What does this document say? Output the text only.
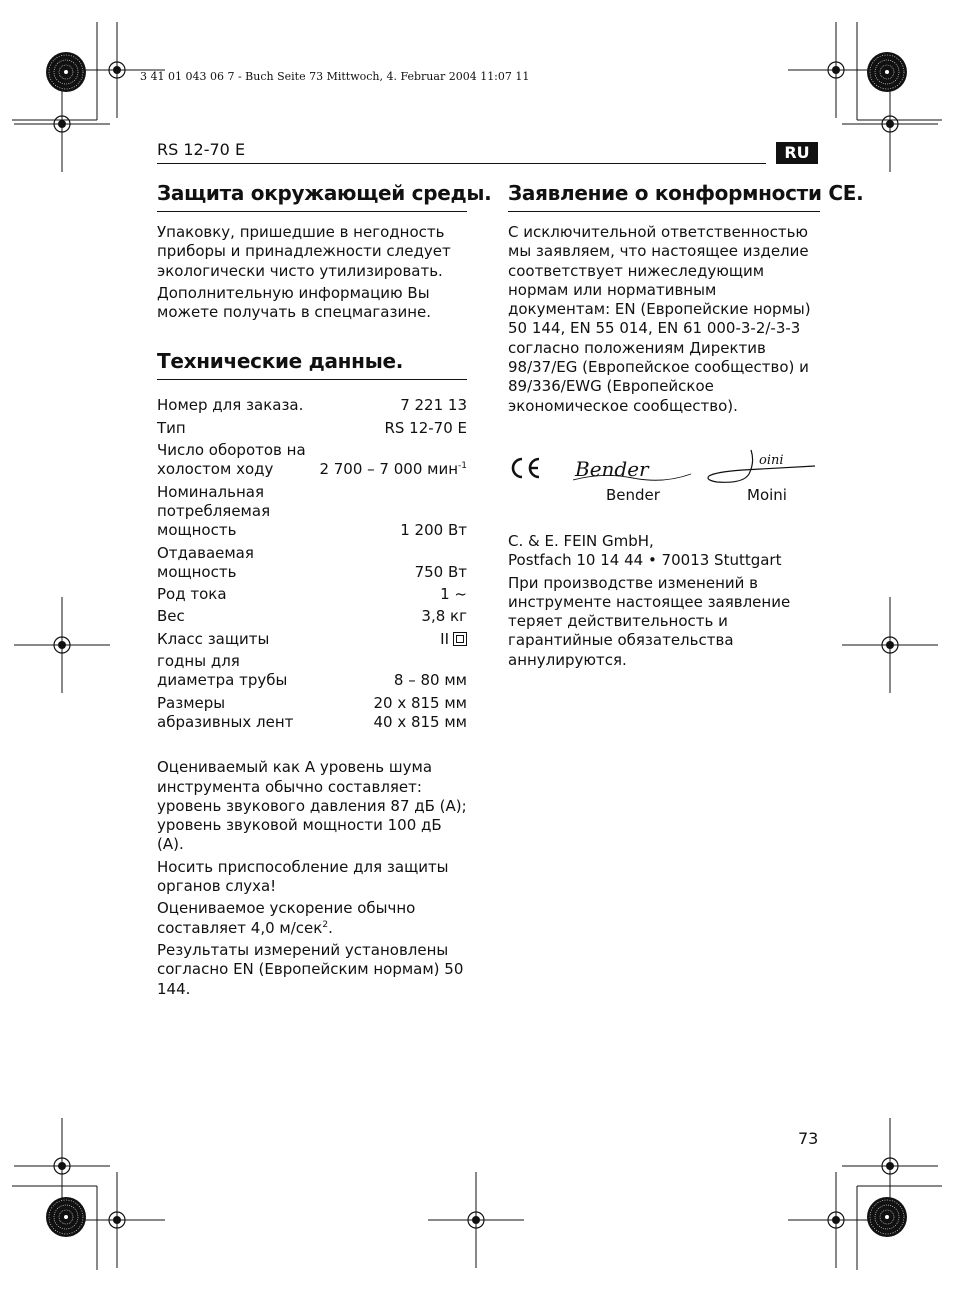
3 41 01 043 06 7 - Buch Seite 73 Mittwoch, 4. Februar 2004 11:07 11
RS 12-70 E	RU
Защита окружающей среды.

Упаковку, пришедшие в негодность приборы и принадлежности следует экологически чисто утилизировать.

Дополнительную информацию Вы можете получать в спецмагазине.

Технические данные.
Номер для заказа.	7 221 13
Тип	RS 12-70 E
Число оборотов на холостом ходу	2 700 – 7 000 мин$^{-1}$
Номинальная потребляемая мощность	1 200 Вт
Отдаваемая мощность	750 Вт
Род тока	1 ~
Вес	3,8 кг
Класс защиты	II
годны для диаметра трубы	8 – 80 мм
Размеры абразивных лент	20 x 815 мм
40 x 815 мм

Оцениваемый как А уровень шума инструмента обычно составляет: уровень звукового давления 87 дБ (А); уровень звуковой мощности 100 дБ (А).

Носить приспособление для защиты органов слуха!

Оцениваемое ускорение обычно составляет 4,0 м/сек$^2$.

Результаты измерений установлены согласно EN (Европейским нормам) 50 144.

Заявление о конформности CE.

С исключительной ответственностью мы заявляем, что настоящее изделие соответствует нижеследующим нормам или нормативным документам: EN (Европейские нормы) 50 144, EN 55 014, EN 61 000-3-2/-3-3 согласно положениям Директив 98/37/EG (Европейское сообщество) и 89/336/EWG (Европейское экономическое сообщество).

Bender	oini
Bender	Moini

C. & E. FEIN GmbH,

Postfach 10 14 44 • 70013 Stuttgart

При производстве изменений в инструменте настоящее заявление теряет действительность и гарантийные обязательства аннулируются.

73
